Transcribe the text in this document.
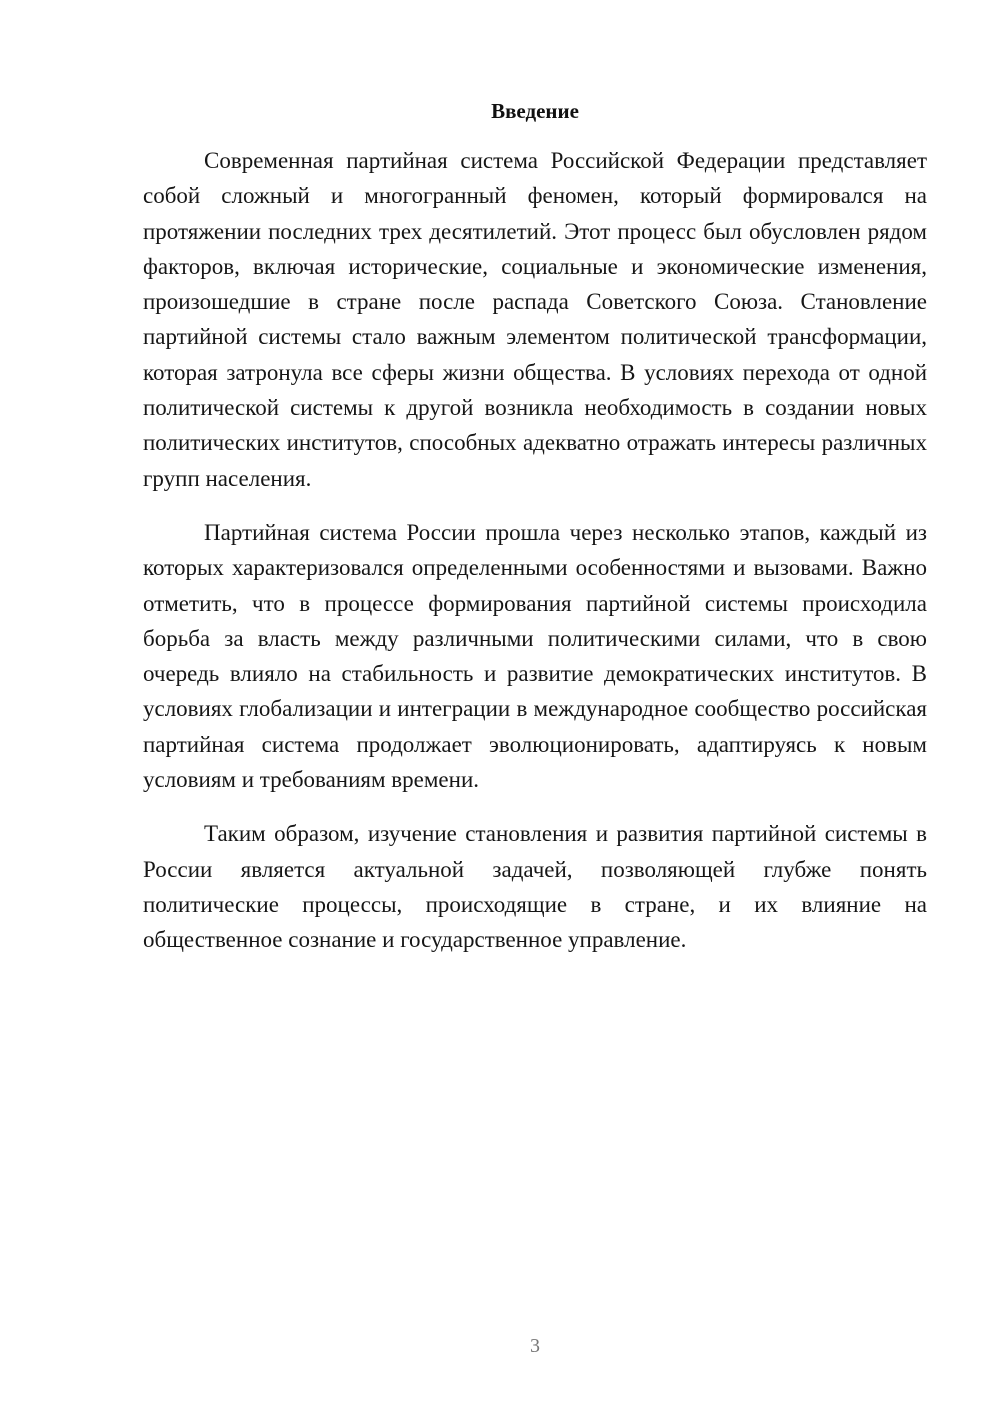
Введение

Современная партийная система Российской Федерации представляет собой сложный и многогранный феномен, который формировался на протяжении последних трех десятилетий. Этот процесс был обусловлен рядом факторов, включая исторические, социальные и экономические изменения, произошедшие в стране после распада Советского Союза. Становление партийной системы стало важным элементом политической трансформации, которая затронула все сферы жизни общества. В условиях перехода от одной политической системы к другой возникла необходимость в создании новых политических институтов, способных адекватно отражать интересы различных групп населения.

Партийная система России прошла через несколько этапов, каждый из которых характеризовался определенными особенностями и вызовами. Важно отметить, что в процессе формирования партийной системы происходила борьба за власть между различными политическими силами, что в свою очередь влияло на стабильность и развитие демократических институтов. В условиях глобализации и интеграции в международное сообщество российская партийная система продолжает эволюционировать, адаптируясь к новым условиям и требованиям времени.

Таким образом, изучение становления и развития партийной системы в России является актуальной задачей, позволяющей глубже понять политические процессы, происходящие в стране, и их влияние на общественное сознание и государственное управление.

3
